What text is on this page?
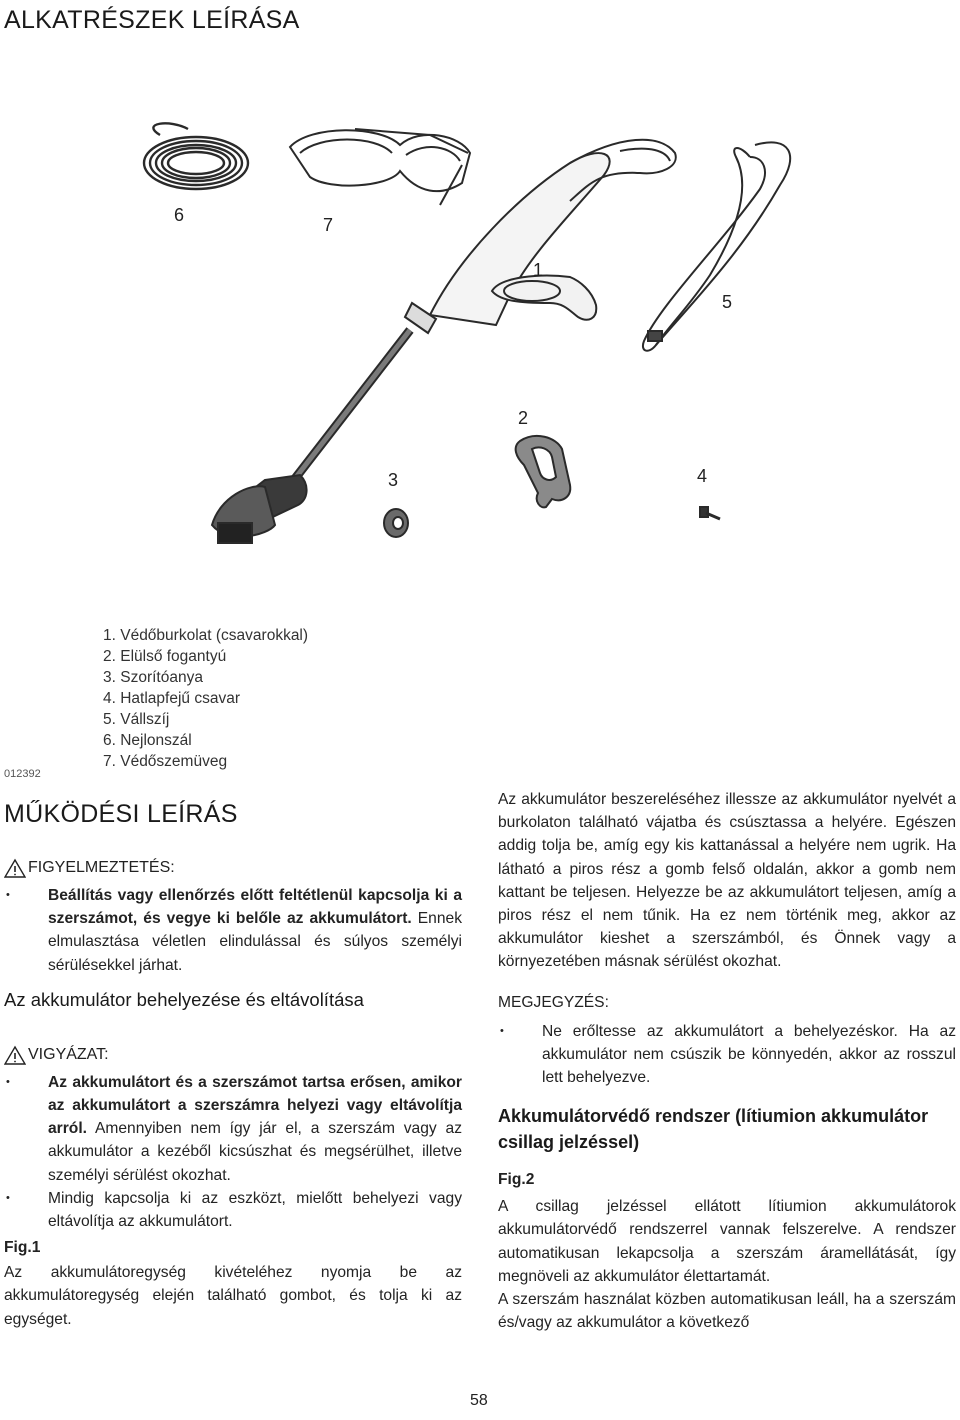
ALKATRÉSZEK LEÍRÁSA
6	7
1
5
2
3	4
1. Védőburkolat (csavarokkal)
2. Elülső fogantyú
3. Szorítóanya
4. Hatlapfejű csavar
5. Vállszíj
6. Nejlonszál
7. Védőszemüveg
012392
MŰKÖDÉSI LEÍRÁS
FIGYELMEZTETÉS:
• Beállítás vagy ellenőrzés előtt feltétlenül kapcsolja ki a szerszámot, és vegye ki belőle az akkumulátort. Ennek elmulasztása véletlen elindulással és súlyos személyi sérülésekkel járhat.
Az akkumulátor behelyezése és eltávolítása
VIGYÁZAT:
• Az akkumulátort és a szerszámot tartsa erősen, amikor az akkumulátort a szerszámra helyezi vagy eltávolítja arról. Amennyiben nem így jár el, a szerszám vagy az akkumulátor a kezéből kicsúszhat és megsérülhet, illetve személyi sérülést okozhat.
• Mindig kapcsolja ki az eszközt, mielőtt behelyezi vagy eltávolítja az akkumulátort.
Fig.1
Az akkumulátoregység kivételéhez nyomja be az akkumulátoregység elején található gombot, és tolja ki az egységet.
Az akkumulátor beszereléséhez illessze az akkumulátor nyelvét a burkolaton található vájatba és csúsztassa a helyére. Egészen addig tolja be, amíg egy kis kattanással a helyére nem ugrik. Ha látható a piros rész a gomb felső oldalán, akkor a gomb nem kattant be teljesen. Helyezze be az akkumulátort teljesen, amíg a piros rész el nem tűnik. Ha ez nem történik meg, akkor az akkumulátor kieshet a szerszámból, és Önnek vagy a környezetében másnak sérülést okozhat.
MEGJEGYZÉS:
• Ne erőltesse az akkumulátort a behelyezéskor. Ha az akkumulátor nem csúszik be könnyedén, akkor az rosszul lett behelyezve.
Akkumulátorvédő rendszer (lítiumion akkumulátor csillag jelzéssel)
Fig.2
A csillag jelzéssel ellátott lítiumion akkumulátorok akkumulátorvédő rendszerrel vannak felszerelve. A rendszer automatikusan lekapcsolja a szerszám áramellátását, így megnöveli az akkumulátor élettartamát.
A szerszám használat közben automatikusan leáll, ha a szerszám és/vagy az akkumulátor a következő
58
